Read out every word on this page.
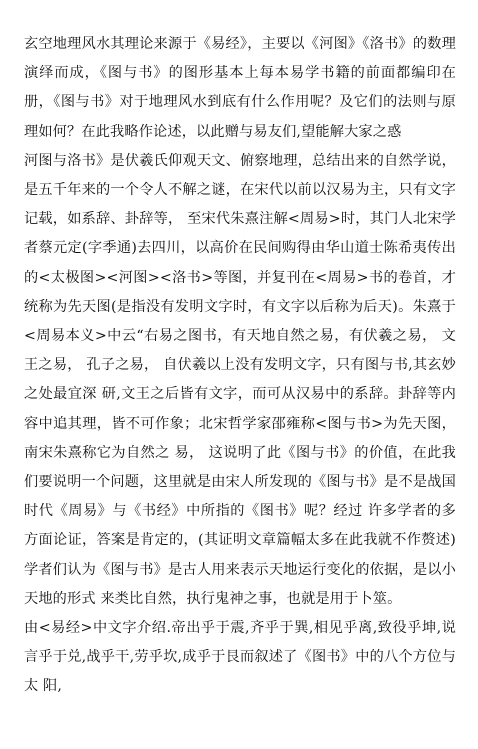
玄空地理风水其理论来源于《易经》，主要以《河图》《洛书》的数理演绎而成，《图与书》的图形基本上每本易学书籍的前面都编印在册，《图与书》对于地理风水到底有什么作用呢？及它们的法则与原理如何？在此我略作论述，以此赠与易友们,望能解大家之惑

河图与洛书》是伏羲氏仰观天文、俯察地理，总结出来的自然学说，是五千年来的一个令人不解之谜，在宋代以前以汉易为主，只有文字记载，如系辞、卦辞等， 至宋代朱熹注解<周易>时，其门人北宋学者蔡元定(字季通)去四川，以高价在民间购得由华山道士陈希夷传出的<太极图><河图><洛书>等图，并复刊在<周易>书的卷首，才统称为先天图(是指没有发明文字时，有文字以后称为后天)。朱熹于 <周易本义>中云“右易之图书，有天地自然之易，有伏羲之易， 文王之易， 孔子之易， 自伏羲以上没有发明文字，只有图与书,其玄妙之处最宜深 研,文王之后皆有文字，而可从汉易中的系辞。卦辞等内容中追其理，皆不可作象；北宋哲学家邵雍称<图与书>为先天图，南宋朱熹称它为自然之 易， 这说明了此《图与书》的价值，在此我们要说明一个问题，这里就是由宋人所发现的《图与书》是不是战国时代《周易》与《书经》中所指的《图书》呢？经过 许多学者的多方面论证，答案是肯定的，(其证明文章篇幅太多在此我就不作赘述)学者们认为《图与书》是古人用来表示天地运行变化的依据，是以小天地的形式 来类比自然，执行鬼神之事，也就是用于卜筮。

由<易经>中文字介绍.帝出乎于震,齐乎于巽,相见乎离,致役乎坤,说言乎于兑,战乎干,劳乎坎,成乎于艮而叙述了《图书》中的八个方位与太 阳,
